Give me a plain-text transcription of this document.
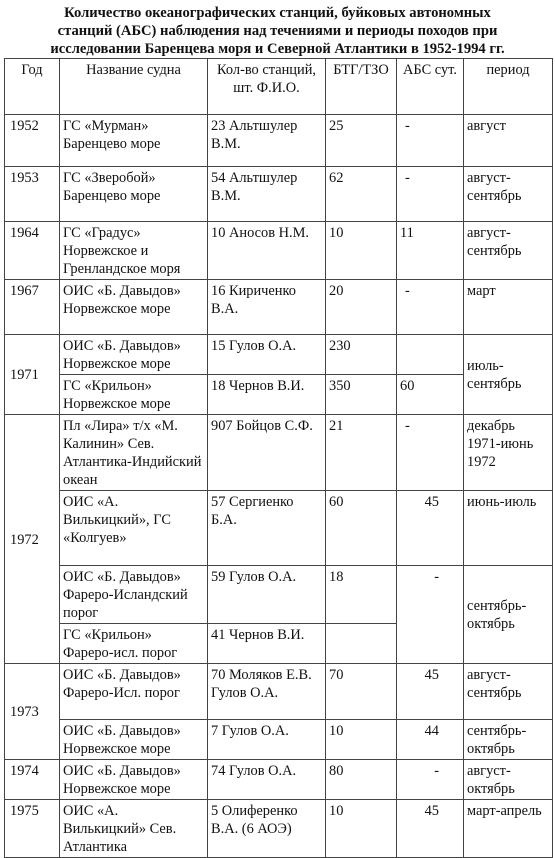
Количество океанографических станций, буйковых автономных
станций (АБС) наблюдения над течениями и периоды походов при
исследовании Баренцева моря и Северной Атлантики в 1952-1994 гг.
Год	Название судна	Кол-во станций, шт. Ф.И.О.	БТГ/ТЗО	АБС сут.	период
1952	ГС «Мурман» Баренцево море	23 Альтшулер В.М.	25	-	август
1953	ГС «Зверобой» Баренцево море	54 Альтшулер В.М.	62	-	август-сентябрь
1964	ГС «Градус» Норвежское и Гренландское моря	10 Аносов Н.М.	10	11	август-сентябрь
1967	ОИС «Б. Давыдов» Норвежское море	16 Кириченко В.А.	20	-	март
1971	ОИС «Б. Давыдов» Норвежское море	15 Гулов О.А.	230		июль-сентябрь
	ГС «Крильон» Норвежское море	18 Чернов В.И.	350	60	
1972	Пл «Лира» т/х «М. Калинин» Сев. Атлантика-Индийский океан	907 Бойцов С.Ф.	21	-	декабрь 1971-июнь 1972
	ОИС «А. Вилькицкий», ГС «Колгуев»	57 Сергиенко Б.А.	60	45	июнь-июль
	ОИС «Б. Давыдов» Фареро-Исландский порог	59 Гулов О.А.	18	-	сентябрь-октябрь
	ГС «Крильон» Фареро-исл. порог	41 Чернов В.И.			
1973	ОИС «Б. Давыдов» Фареро-Исл. порог	70 Моляков Е.В. Гулов О.А.	70	45	август-сентябрь
	ОИС «Б. Давыдов» Норвежское море	7 Гулов О.А.	10	44	сентябрь-октябрь
1974	ОИС «Б. Давыдов» Норвежское море	74 Гулов О.А.	80	-	август-октябрь
1975	ОИС «А. Вилькицкий» Сев. Атлантика	5 Олиференко В.А. (6 АОЭ)	10	45	март-апрель
